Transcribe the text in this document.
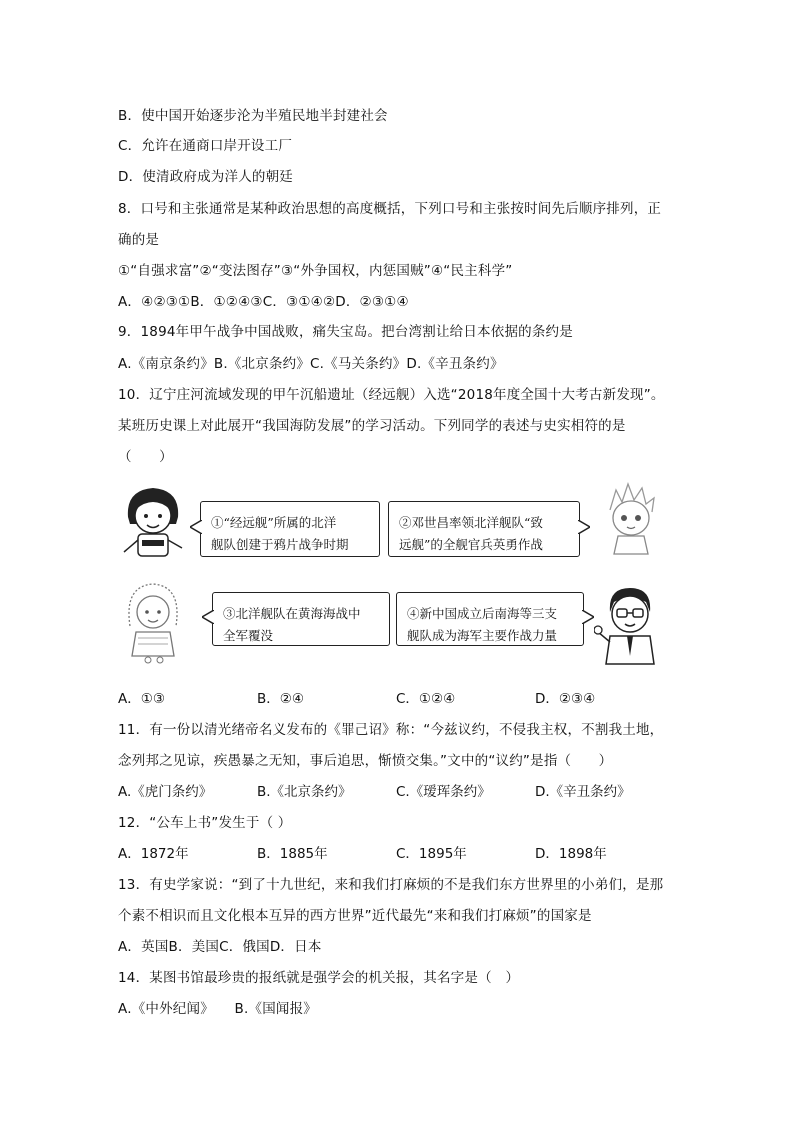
B．使中国开始逐步沦为半殖民地半封建社会
C．允许在通商口岸开设工厂
D．使清政府成为洋人的朝廷
8．口号和主张通常是某种政治思想的高度概括，下列口号和主张按时间先后顺序排列，正
确的是
①“自强求富”②“变法图存”③“外争国权，内惩国贼”④“民主科学”
A．④②③①B．①②④③C．③①④②D．②③①④
9．1894年甲午战争中国战败，痛失宝岛。把台湾割让给日本依据的条约是
A.《南京条约》B.《北京条约》C.《马关条约》D.《辛丑条约》
10．辽宁庄河流域发现的甲午沉船遗址（经远舰）入选“2018年度全国十大考古新发现”。
某班历史课上对此展开“我国海防发展”的学习活动。下列同学的表述与史实相符的是
（　　）
①“经远舰”所属的北洋
舰队创建于鸦片战争时期
②邓世昌率领北洋舰队“致
远舰”的全舰官兵英勇作战
③北洋舰队在黄海海战中
全军覆没
④新中国成立后南海等三支
舰队成为海军主要作战力量
A．①③	B．②④	C．①②④	D．②③④
11．有一份以清光绪帝名义发布的《罪己诏》称：“今兹议约，不侵我主权，不割我土地，
念列邦之见谅，疾愚暴之无知，事后追思，惭愤交集。”文中的“议约”是指（　　）
A.《虎门条约》	B.《北京条约》	C.《瑷珲条约》	D.《辛丑条约》
12．“公车上书”发生于（ ）
A．1872年	B．1885年	C．1895年	D．1898年
13．有史学家说：“到了十九世纪，来和我们打麻烦的不是我们东方世界里的小弟们，是那
个素不相识而且文化根本互异的西方世界”近代最先“来和我们打麻烦”的国家是
A．英国B．美国C．俄国D．日本
14．某图书馆最珍贵的报纸就是强学会的机关报，其名字是（　）
A.《中外纪闻》　　B.《国闻报》
